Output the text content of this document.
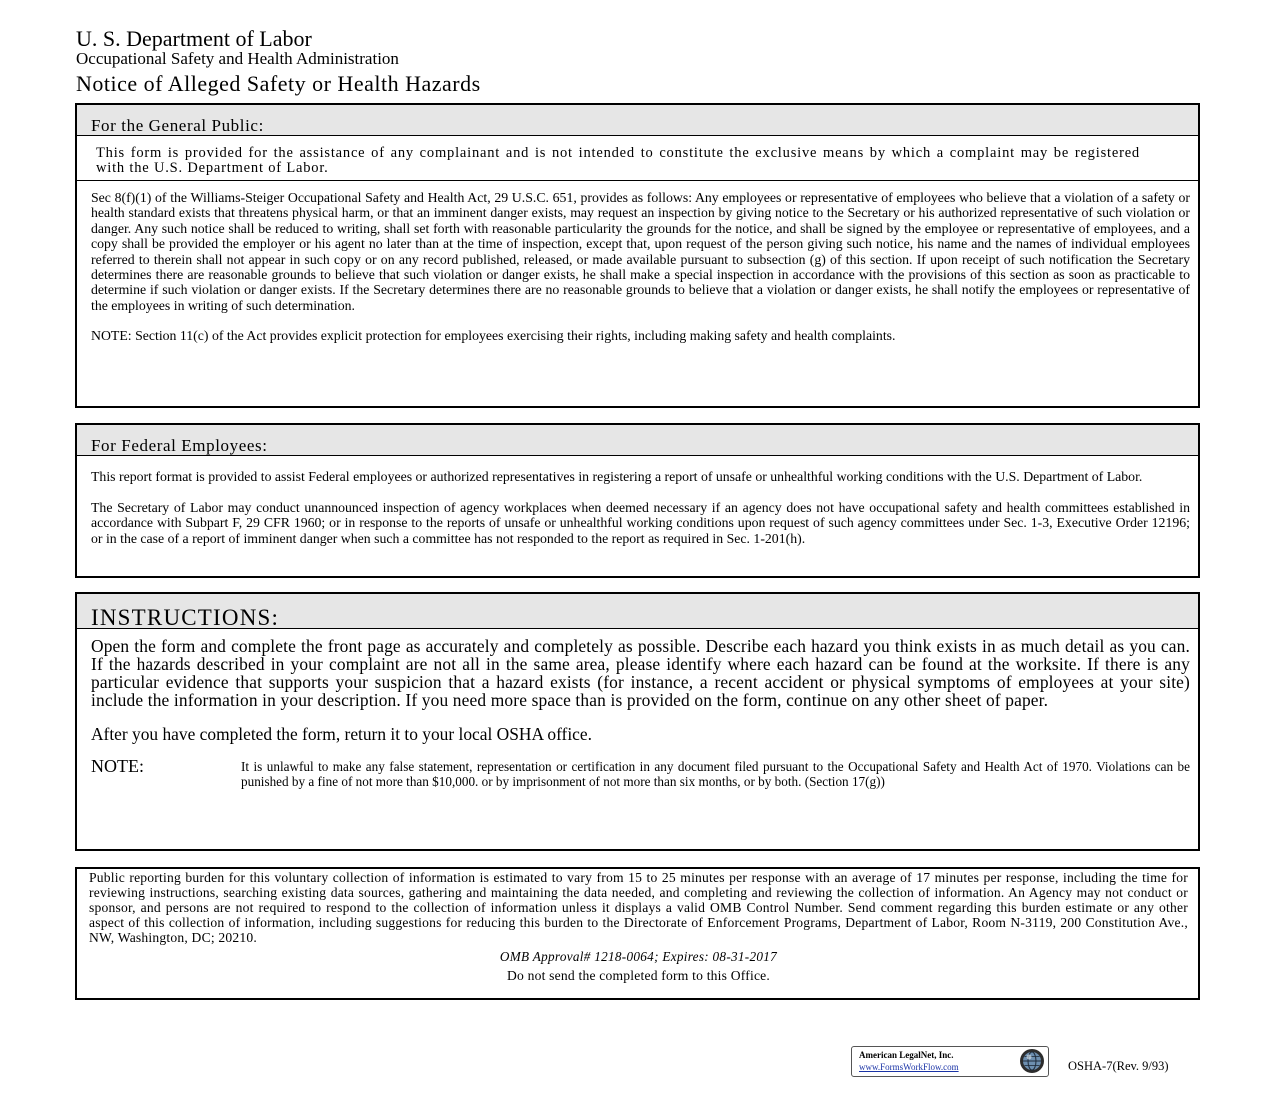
U. S. Department of Labor
Occupational Safety and Health Administration
Notice of Alleged Safety or Health Hazards
For the General Public:

This form is provided for the assistance of any complainant and is not intended to constitute the exclusive means by which a complaint may be registered with the U.S. Department of Labor.

Sec 8(f)(1) of the Williams-Steiger Occupational Safety and Health Act, 29 U.S.C. 651, provides as follows: Any employees or representative of employees who believe that a violation of a safety or health standard exists that threatens physical harm, or that an imminent danger exists, may request an inspection by giving notice to the Secretary or his authorized representative of such violation or danger. Any such notice shall be reduced to writing, shall set forth with reasonable particularity the grounds for the notice, and shall be signed by the employee or representative of employees, and a copy shall be provided the employer or his agent no later than at the time of inspection, except that, upon request of the person giving such notice, his name and the names of individual employees referred to therein shall not appear in such copy or on any record published, released, or made available pursuant to subsection (g) of this section. If upon receipt of such notification the Secretary determines there are reasonable grounds to believe that such violation or danger exists, he shall make a special inspection in accordance with the provisions of this section as soon as practicable to determine if such violation or danger exists. If the Secretary determines there are no reasonable grounds to believe that a violation or danger exists, he shall notify the employees or representative of the employees in writing of such determination.

NOTE: Section 11(c) of the Act provides explicit protection for employees exercising their rights, including making safety and health complaints.

For Federal Employees:

This report format is provided to assist Federal employees or authorized representatives in registering a report of unsafe or unhealthful working conditions with the U.S. Department of Labor.

The Secretary of Labor may conduct unannounced inspection of agency workplaces when deemed necessary if an agency does not have occupational safety and health committees established in accordance with Subpart F, 29 CFR 1960; or in response to the reports of unsafe or unhealthful working conditions upon request of such agency committees under Sec. 1-3, Executive Order 12196; or in the case of a report of imminent danger when such a committee has not responded to the report as required in Sec. 1-201(h).

INSTRUCTIONS:

Open the form and complete the front page as accurately and completely as possible. Describe each hazard you think exists in as much detail as you can. If the hazards described in your complaint are not all in the same area, please identify where each hazard can be found at the worksite. If there is any particular evidence that supports your suspicion that a hazard exists (for instance, a recent accident or physical symptoms of employees at your site) include the information in your description. If you need more space than is provided on the form, continue on any other sheet of paper.

After you have completed the form, return it to your local OSHA office.

NOTE:	It is unlawful to make any false statement, representation or certification in any document filed pursuant to the Occupational Safety and Health Act of 1970. Violations can be punished by a fine of not more than $10,000. or by imprisonment of not more than six months, or by both. (Section 17(g))

Public reporting burden for this voluntary collection of information is estimated to vary from 15 to 25 minutes per response with an average of 17 minutes per response, including the time for reviewing instructions, searching existing data sources, gathering and maintaining the data needed, and completing and reviewing the collection of information. An Agency may not conduct or sponsor, and persons are not required to respond to the collection of information unless it displays a valid OMB Control Number. Send comment regarding this burden estimate or any other aspect of this collection of information, including suggestions for reducing this burden to the Directorate of Enforcement Programs, Department of Labor, Room N-3119, 200 Constitution Ave., NW, Washington, DC; 20210.

OMB Approval# 1218-0064; Expires: 08-31-2017
Do not send the completed form to this Office.
American LegalNet, Inc.
www.FormsWorkFlow.com	OSHA-7(Rev. 9/93)
